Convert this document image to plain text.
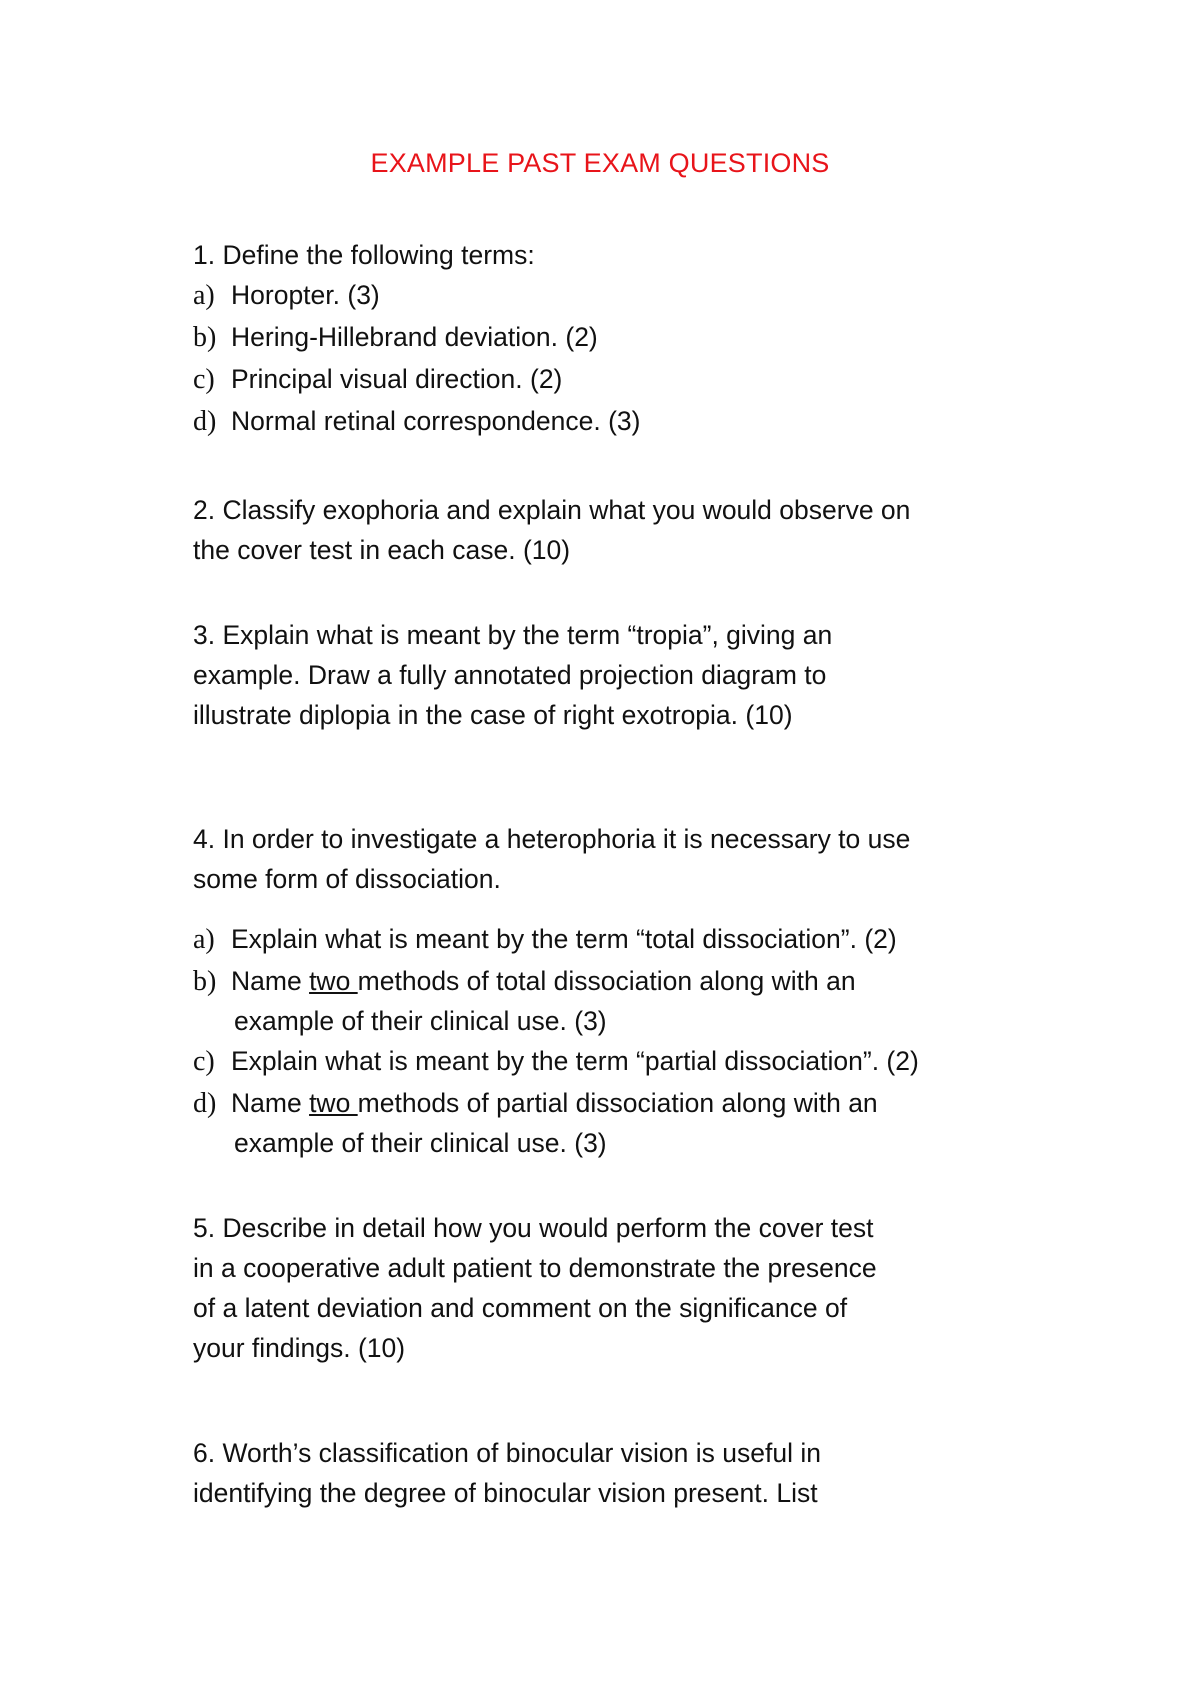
EXAMPLE PAST EXAM QUESTIONS
1. Define the following terms:
a) Horopter. (3)
b) Hering-Hillebrand deviation. (2)
c) Principal visual direction. (2)
d) Normal retinal correspondence. (3)
2. Classify exophoria and explain what you would observe on
the cover test in each case. (10)
3. Explain what is meant by the term “tropia”, giving an
example. Draw a fully annotated projection diagram to
illustrate diplopia in the case of right exotropia. (10)
4. In order to investigate a heterophoria it is necessary to use
some form of dissociation.
a) Explain what is meant by the term “total dissociation”. (2)
b) Name two methods of total dissociation along with an
example of their clinical use. (3)
c) Explain what is meant by the term “partial dissociation”. (2)
d) Name two methods of partial dissociation along with an
example of their clinical use. (3)
5. Describe in detail how you would perform the cover test
in a cooperative adult patient to demonstrate the presence
of a latent deviation and comment on the significance of
your findings. (10)
6. Worth’s classification of binocular vision is useful in
identifying the degree of binocular vision present. List
